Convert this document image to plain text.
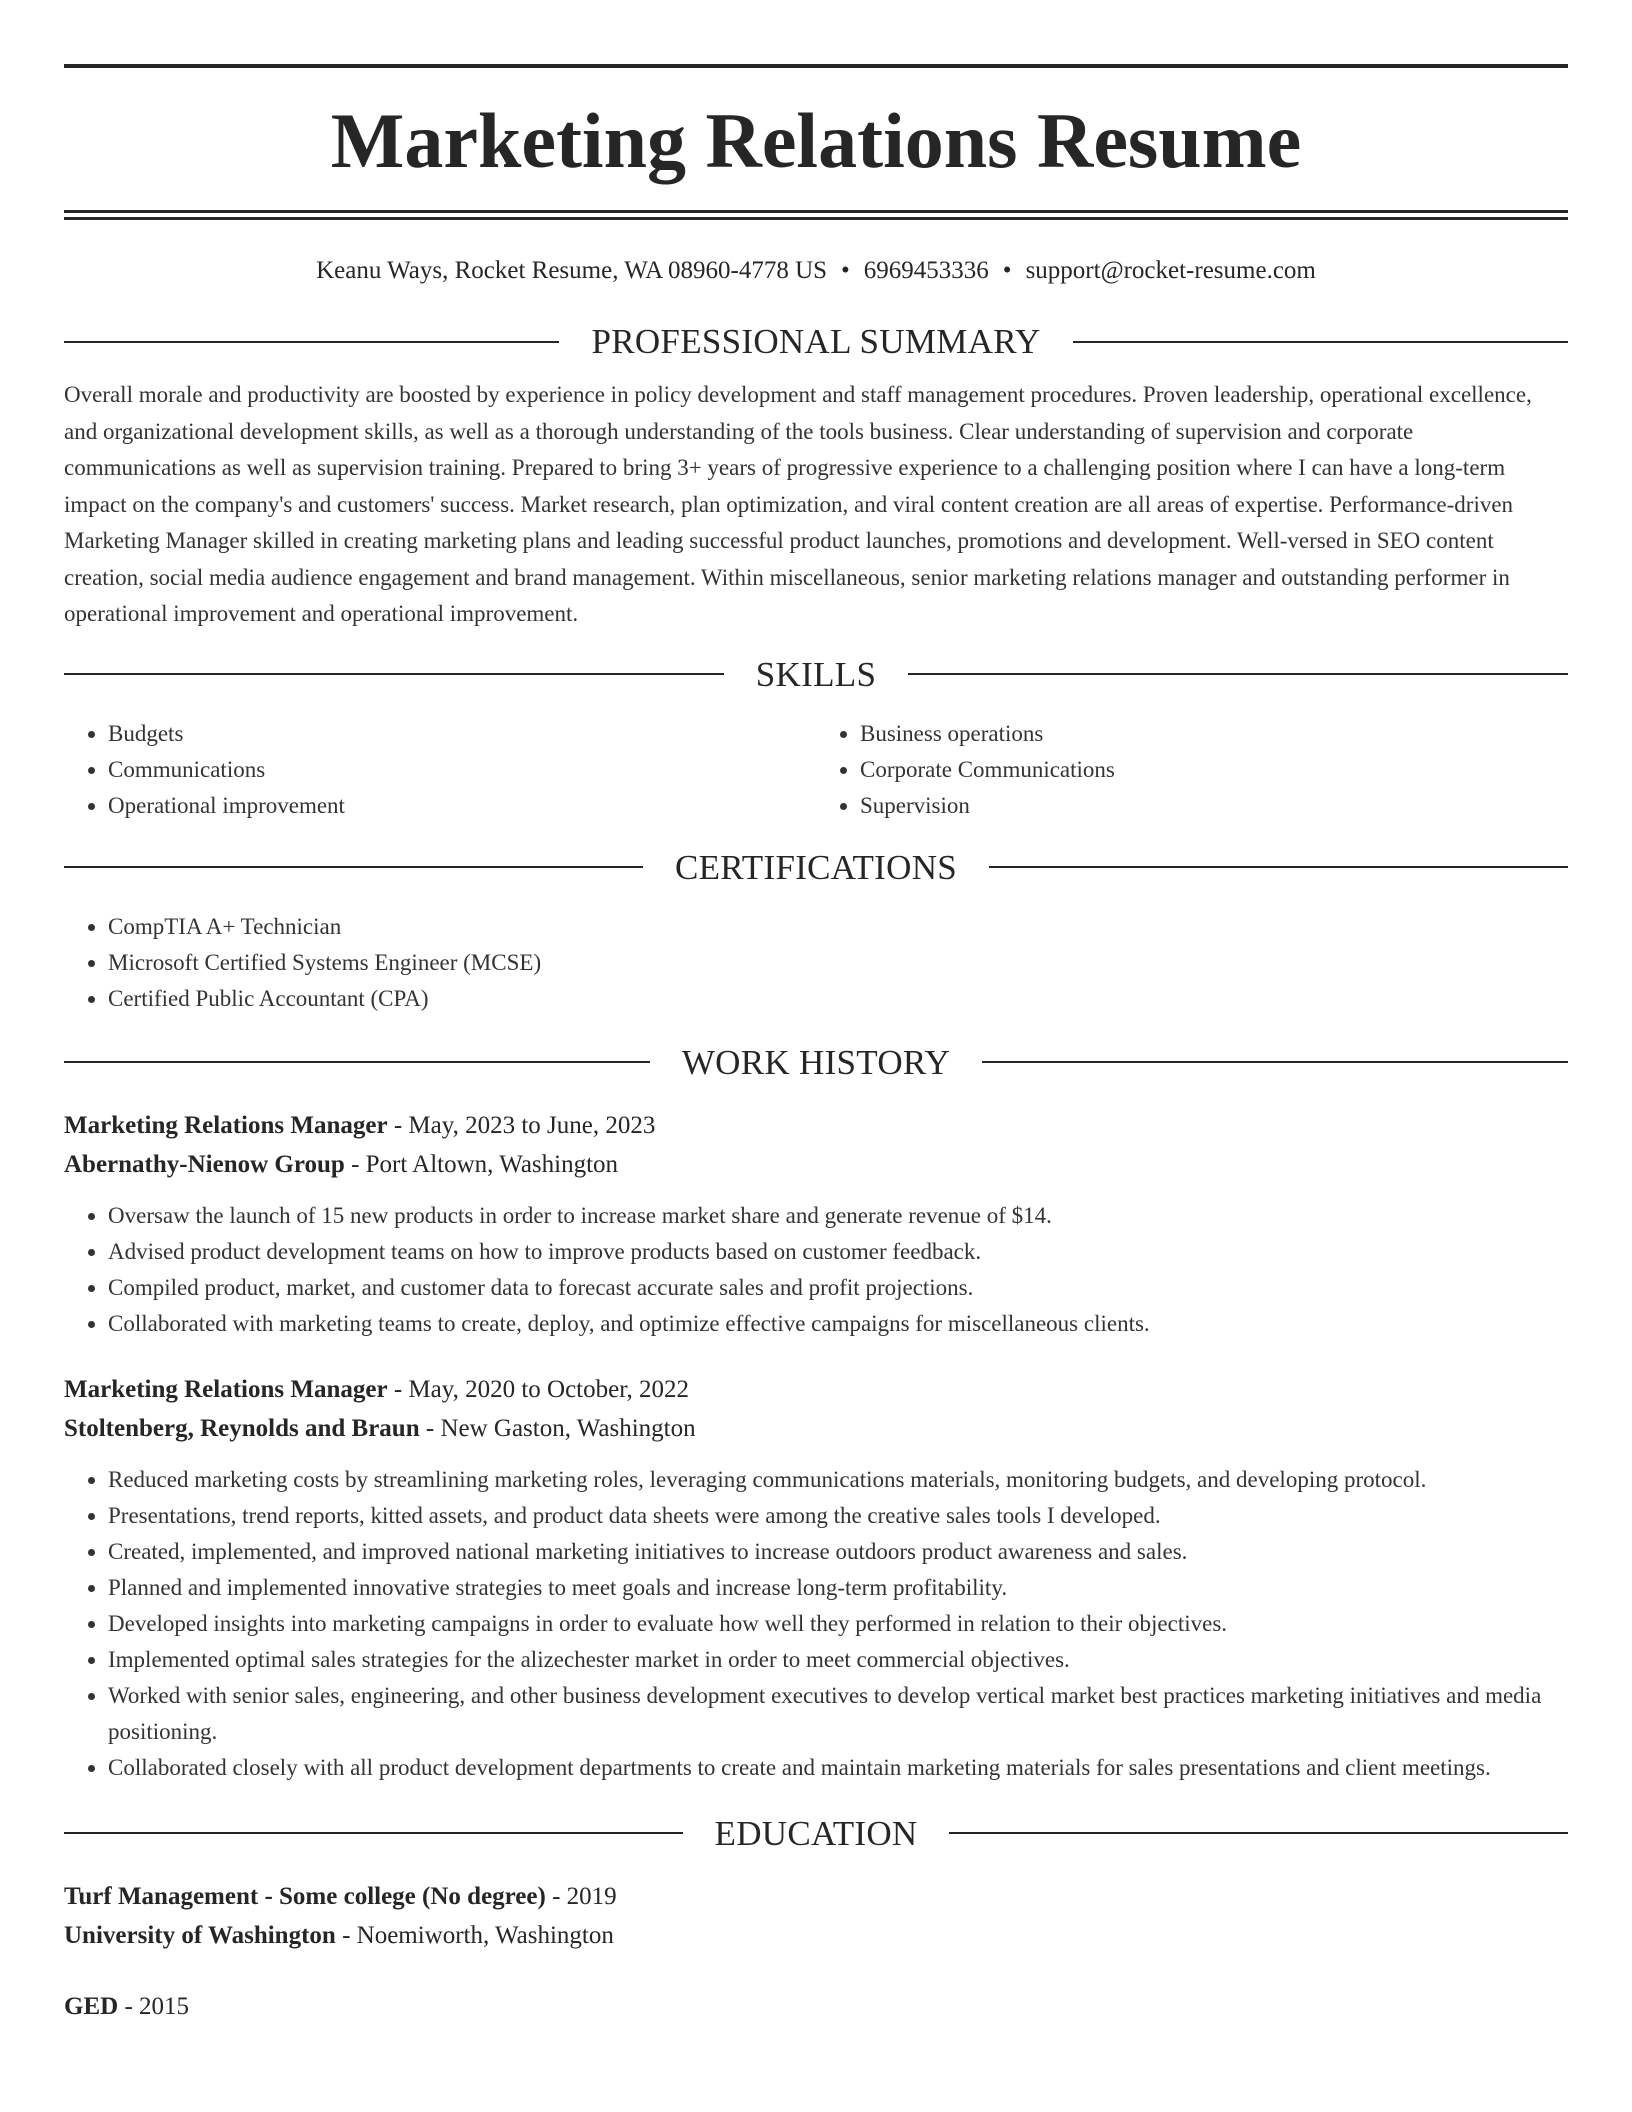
Marketing Relations Resume
Keanu Ways, Rocket Resume, WA 08960-4778 US • 6969453336 • support@rocket-resume.com
PROFESSIONAL SUMMARY

Overall morale and productivity are boosted by experience in policy development and staff management procedures. Proven leadership, operational excellence, and organizational development skills, as well as a thorough understanding of the tools business. Clear understanding of supervision and corporate communications as well as supervision training. Prepared to bring 3+ years of progressive experience to a challenging position where I can have a long-term impact on the company's and customers' success. Market research, plan optimization, and viral content creation are all areas of expertise. Performance-driven Marketing Manager skilled in creating marketing plans and leading successful product launches, promotions and development. Well-versed in SEO content creation, social media audience engagement and brand management. Within miscellaneous, senior marketing relations manager and outstanding performer in operational improvement and operational improvement.

SKILLS
• Budgets
• Communications
• Operational improvement
• Business operations
• Corporate Communications
• Supervision
CERTIFICATIONS
• CompTIA A+ Technician
• Microsoft Certified Systems Engineer (MCSE)
• Certified Public Accountant (CPA)
WORK HISTORY
Marketing Relations Manager - May, 2023 to June, 2023
Abernathy-Nienow Group - Port Altown, Washington
• Oversaw the launch of 15 new products in order to increase market share and generate revenue of $14.
• Advised product development teams on how to improve products based on customer feedback.
• Compiled product, market, and customer data to forecast accurate sales and profit projections.
• Collaborated with marketing teams to create, deploy, and optimize effective campaigns for miscellaneous clients.
Marketing Relations Manager - May, 2020 to October, 2022
Stoltenberg, Reynolds and Braun - New Gaston, Washington
• Reduced marketing costs by streamlining marketing roles, leveraging communications materials, monitoring budgets, and developing protocol.
• Presentations, trend reports, kitted assets, and product data sheets were among the creative sales tools I developed.
• Created, implemented, and improved national marketing initiatives to increase outdoors product awareness and sales.
• Planned and implemented innovative strategies to meet goals and increase long-term profitability.
• Developed insights into marketing campaigns in order to evaluate how well they performed in relation to their objectives.
• Implemented optimal sales strategies for the alizechester market in order to meet commercial objectives.
• Worked with senior sales, engineering, and other business development executives to develop vertical market best practices marketing initiatives and media positioning.
• Collaborated closely with all product development departments to create and maintain marketing materials for sales presentations and client meetings.
EDUCATION
Turf Management - Some college (No degree) - 2019
University of Washington - Noemiworth, Washington
GED - 2015
